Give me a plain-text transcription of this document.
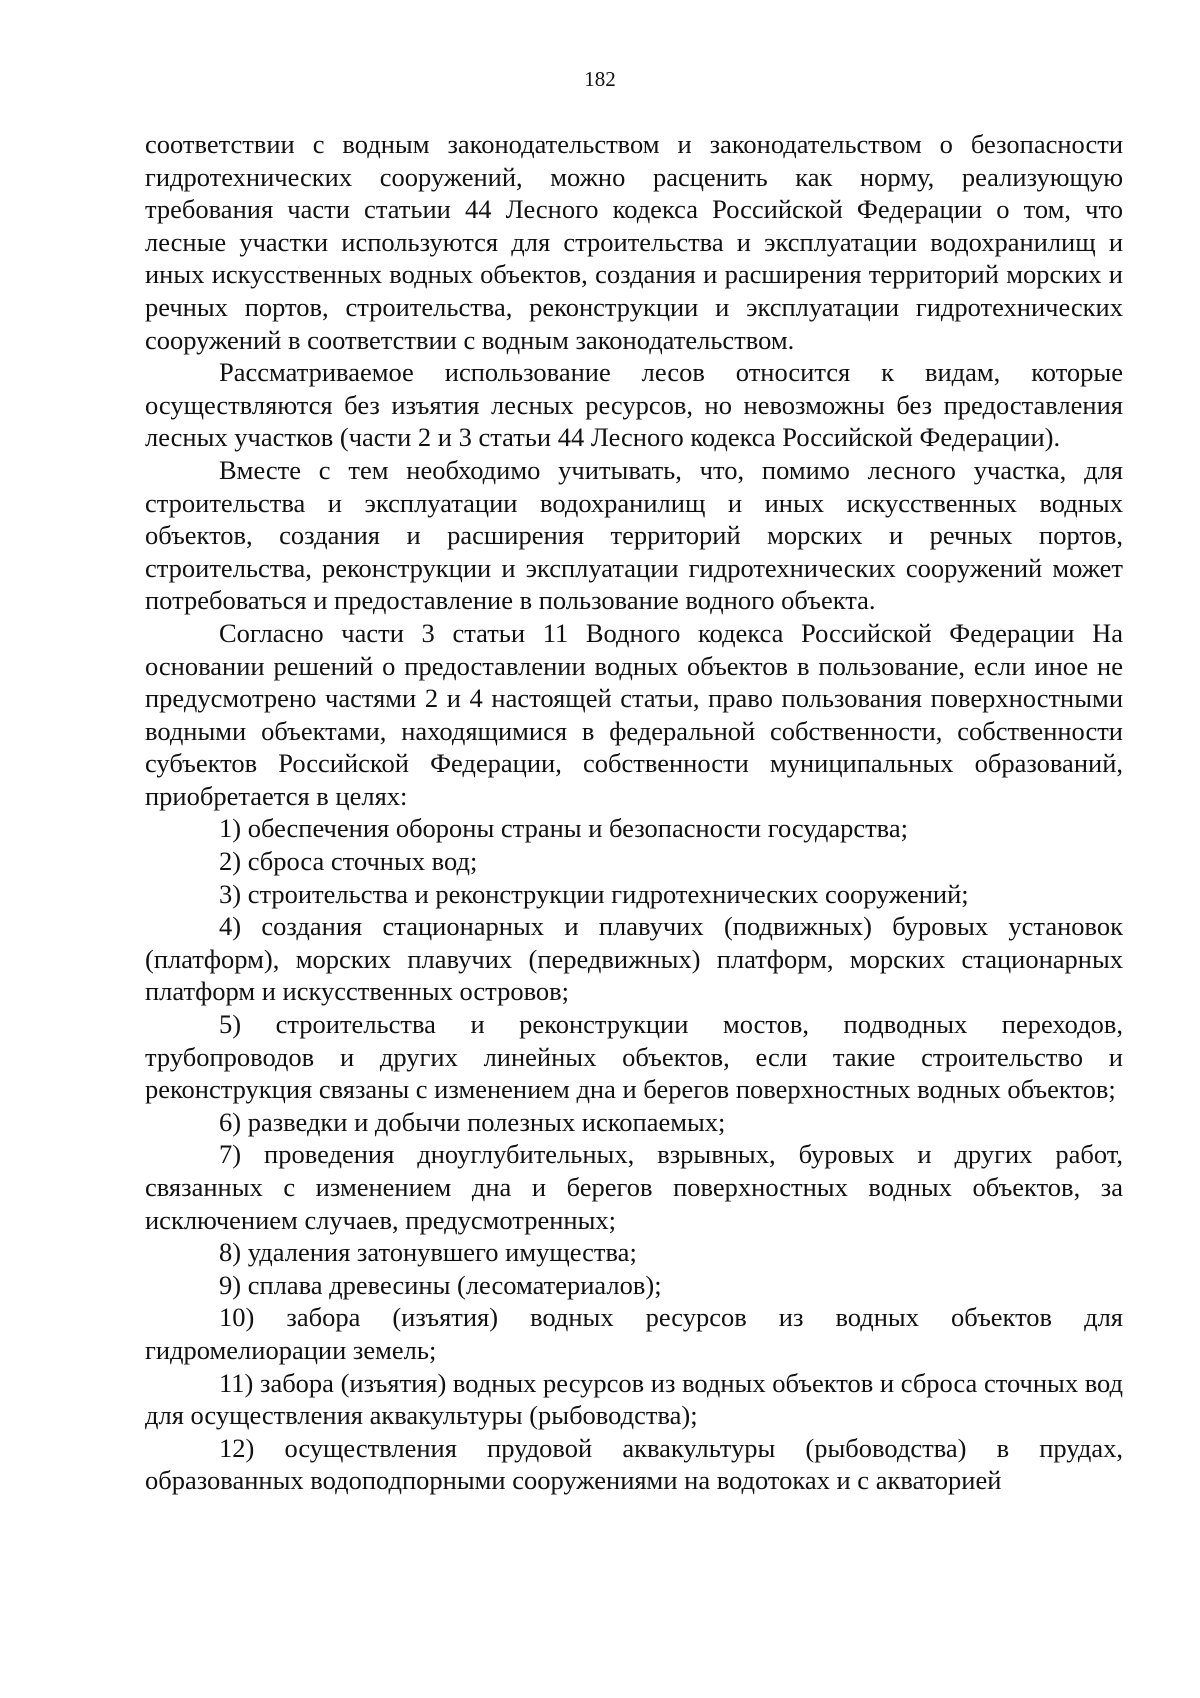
182

соответствии с водным законодательством и законодательством о безопасности гидротехнических сооружений, можно расценить как норму, реализующую требования части статьии 44 Лесного кодекса Российской Федерации о том, что лесные участки используются для строительства и эксплуатации водохранилищ и иных искусственных водных объектов, создания и расширения территорий морских и речных портов, строительства, реконструкции и эксплуатации гидротехнических сооружений в соответствии с водным законодательством.

Рассматриваемое использование лесов относится к видам, которые осуществляются без изъятия лесных ресурсов, но невозможны без предоставления лесных участков (части 2 и 3 статьи 44 Лесного кодекса Российской Федерации).

Вместе с тем необходимо учитывать, что, помимо лесного участка, для строительства и эксплуатации водохранилищ и иных искусственных водных объектов, создания и расширения территорий морских и речных портов, строительства, реконструкции и эксплуатации гидротехнических сооружений может потребоваться и предоставление в пользование водного объекта.

Согласно части 3 статьи 11 Водного кодекса Российской Федерации На основании решений о предоставлении водных объектов в пользование, если иное не предусмотрено частями 2 и 4 настоящей статьи, право пользования поверхностными водными объектами, находящимися в федеральной собственности, собственности субъектов Российской Федерации, собственности муниципальных образований, приобретается в целях:

1) обеспечения обороны страны и безопасности государства;

2) сброса сточных вод;

3) строительства и реконструкции гидротехнических сооружений;

4) создания стационарных и плавучих (подвижных) буровых установок (платформ), морских плавучих (передвижных) платформ, морских стационарных платформ и искусственных островов;

5) строительства и реконструкции мостов, подводных переходов, трубопроводов и других линейных объектов, если такие строительство и реконструкция связаны с изменением дна и берегов поверхностных водных объектов;

6) разведки и добычи полезных ископаемых;

7) проведения дноуглубительных, взрывных, буровых и других работ, связанных с изменением дна и берегов поверхностных водных объектов, за исключением случаев, предусмотренных;

8) удаления затонувшего имущества;

9) сплава древесины (лесоматериалов);

10) забора (изъятия) водных ресурсов из водных объектов для гидромелиорации земель;

11) забора (изъятия) водных ресурсов из водных объектов и сброса сточных вод для осуществления аквакультуры (рыбоводства);

12) осуществления прудовой аквакультуры (рыбоводства) в прудах, образованных водоподпорными сооружениями на водотоках и с акваторией
